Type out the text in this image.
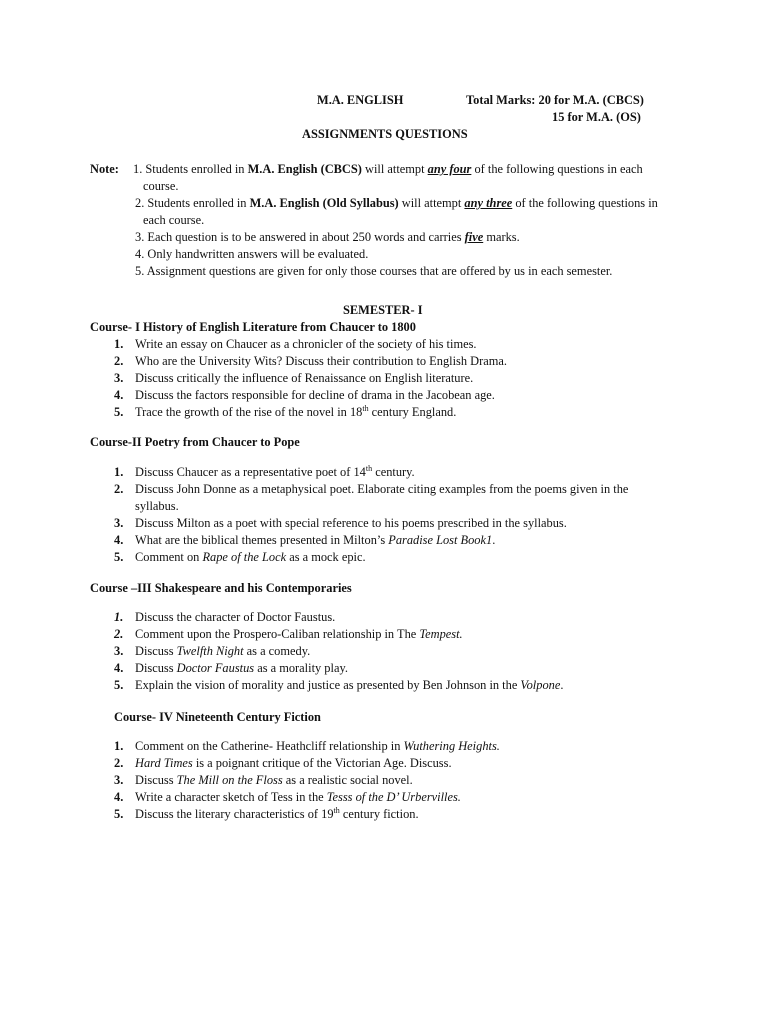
M.A. ENGLISH	Total Marks: 20 for M.A. (CBCS)
15 for M.A. (OS)
ASSIGNMENTS QUESTIONS
Note: 1. Students enrolled in M.A. English (CBCS) will attempt any four of the following questions in each
course.
2. Students enrolled in M.A. English (Old Syllabus) will attempt any three of the following questions in
each course.
3. Each question is to be answered in about 250 words and carries five marks.
4. Only handwritten answers will be evaluated.
5. Assignment questions are given for only those courses that are offered by us in each semester.
SEMESTER- I
Course- I History of English Literature from Chaucer to 1800
1. Write an essay on Chaucer as a chronicler of the society of his times.
2. Who are the University Wits? Discuss their contribution to English Drama.
3. Discuss critically the influence of Renaissance on English literature.
4. Discuss the factors responsible for decline of drama in the Jacobean age.
5. Trace the growth of the rise of the novel in 18th century England.
Course-II Poetry from Chaucer to Pope
1. Discuss Chaucer as a representative poet of 14th century.
2. Discuss John Donne as a metaphysical poet. Elaborate citing examples from the poems given in the
syllabus.
3. Discuss Milton as a poet with special reference to his poems prescribed in the syllabus.
4. What are the biblical themes presented in Milton’s Paradise Lost Book1.
5. Comment on Rape of the Lock as a mock epic.
Course –III Shakespeare and his Contemporaries
1. Discuss the character of Doctor Faustus.
2. Comment upon the Prospero-Caliban relationship in The Tempest.
3. Discuss Twelfth Night as a comedy.
4. Discuss Doctor Faustus as a morality play.
5. Explain the vision of morality and justice as presented by Ben Johnson in the Volpone.
Course- IV Nineteenth Century Fiction
1. Comment on the Catherine- Heathcliff relationship in Wuthering Heights.
2. Hard Times is a poignant critique of the Victorian Age. Discuss.
3. Discuss The Mill on the Floss as a realistic social novel.
4. Write a character sketch of Tess in the Tesss of the D’ Urbervilles.
5. Discuss the literary characteristics of 19th century fiction.
